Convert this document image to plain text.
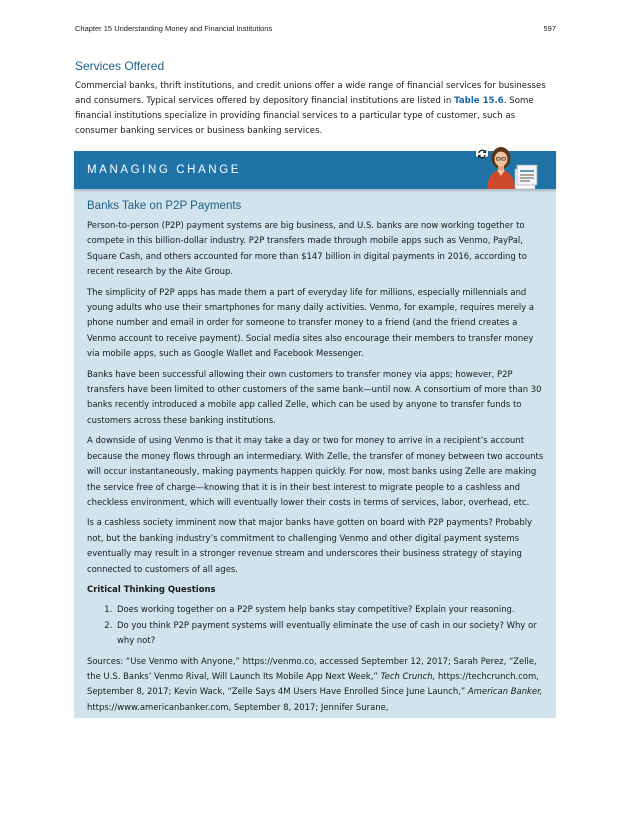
Chapter 15 Understanding Money and Financial Institutions	597
Services Offered

Commercial banks, thrift institutions, and credit unions offer a wide range of financial services for businesses and consumers. Typical services offered by depository financial institutions are listed in Table 15.6. Some financial institutions specialize in providing financial services to a particular type of customer, such as consumer banking services or business banking services.

MANAGING CHANGE
Banks Take on P2P Payments

Person-to-person (P2P) payment systems are big business, and U.S. banks are now working together to compete in this billion-dollar industry. P2P transfers made through mobile apps such as Venmo, PayPal, Square Cash, and others accounted for more than $147 billion in digital payments in 2016, according to recent research by the Aite Group.

The simplicity of P2P apps has made them a part of everyday life for millions, especially millennials and young adults who use their smartphones for many daily activities. Venmo, for example, requires merely a phone number and email in order for someone to transfer money to a friend (and the friend creates a Venmo account to receive payment). Social media sites also encourage their members to transfer money via mobile apps, such as Google Wallet and Facebook Messenger.

Banks have been successful allowing their own customers to transfer money via apps; however, P2P transfers have been limited to other customers of the same bank—until now. A consortium of more than 30 banks recently introduced a mobile app called Zelle, which can be used by anyone to transfer funds to customers across these banking institutions.

A downside of using Venmo is that it may take a day or two for money to arrive in a recipient’s account because the money flows through an intermediary. With Zelle, the transfer of money between two accounts will occur instantaneously, making payments happen quickly. For now, most banks using Zelle are making the service free of charge—knowing that it is in their best interest to migrate people to a cashless and checkless environment, which will eventually lower their costs in terms of services, labor, overhead, etc.

Is a cashless society imminent now that major banks have gotten on board with P2P payments? Probably not, but the banking industry’s commitment to challenging Venmo and other digital payment systems eventually may result in a stronger revenue stream and underscores their business strategy of staying connected to customers of all ages.

Critical Thinking Questions

1. Does working together on a P2P system help banks stay competitive? Explain your reasoning.
2. Do you think P2P payment systems will eventually eliminate the use of cash in our society? Why or why not?

Sources: “Use Venmo with Anyone,” https://venmo.co, accessed September 12, 2017; Sarah Perez, “Zelle, the U.S. Banks’ Venmo Rival, Will Launch Its Mobile App Next Week,” Tech Crunch, https://techcrunch.com, September 8, 2017; Kevin Wack, “Zelle Says 4M Users Have Enrolled Since June Launch,” American Banker, https://www.americanbanker.com, September 8, 2017; Jennifer Surane,
